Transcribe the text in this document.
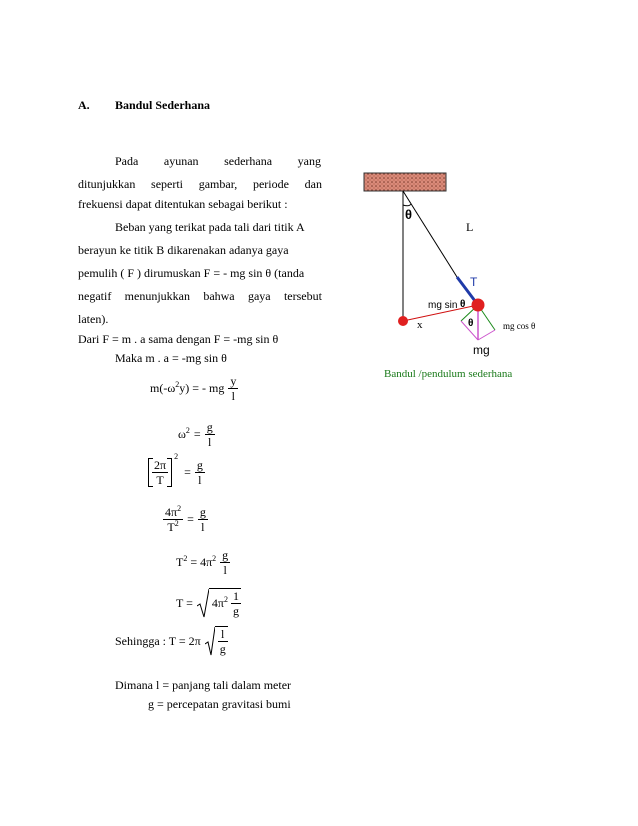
A. Bandul Sederhana
Pada ayunan sederhana yang
ditunjukkan seperti gambar, periode dan
frekuensi dapat ditentukan sebagai berikut :
Beban yang terikat pada tali dari titik A
berayun ke titik B dikarenakan adanya gaya
pemulih ( F ) dirumuskan F = - mg sin θ (tanda
negatif menunjukkan bahwa gaya tersebut
laten).
Dari F = m . a sama dengan F = -mg sin θ
Maka m . a = -mg sin θ
$m(-\omega^2y)$ = - mg $\frac{y}{l}$
$\omega^2 = \frac{g}{l}$
$\frac{2\pi}{T}$
$^2$
= $\frac{g}{l}$
$\frac{4\pi^2}{T^2} = \frac{g}{l}$
$T^2 = 4\pi^2 \frac{g}{l}$
$T = 4\pi^2 \frac{1}{g}$
Sehingga : $T = 2\pi \frac{l}{g}$
Dimana l = panjang tali dalam meter
g = percepatan gravitasi bumi
θ
L
T
mg sin θ
x	θ	mg cos θ
mg
Bandul /pendulum sederhana
